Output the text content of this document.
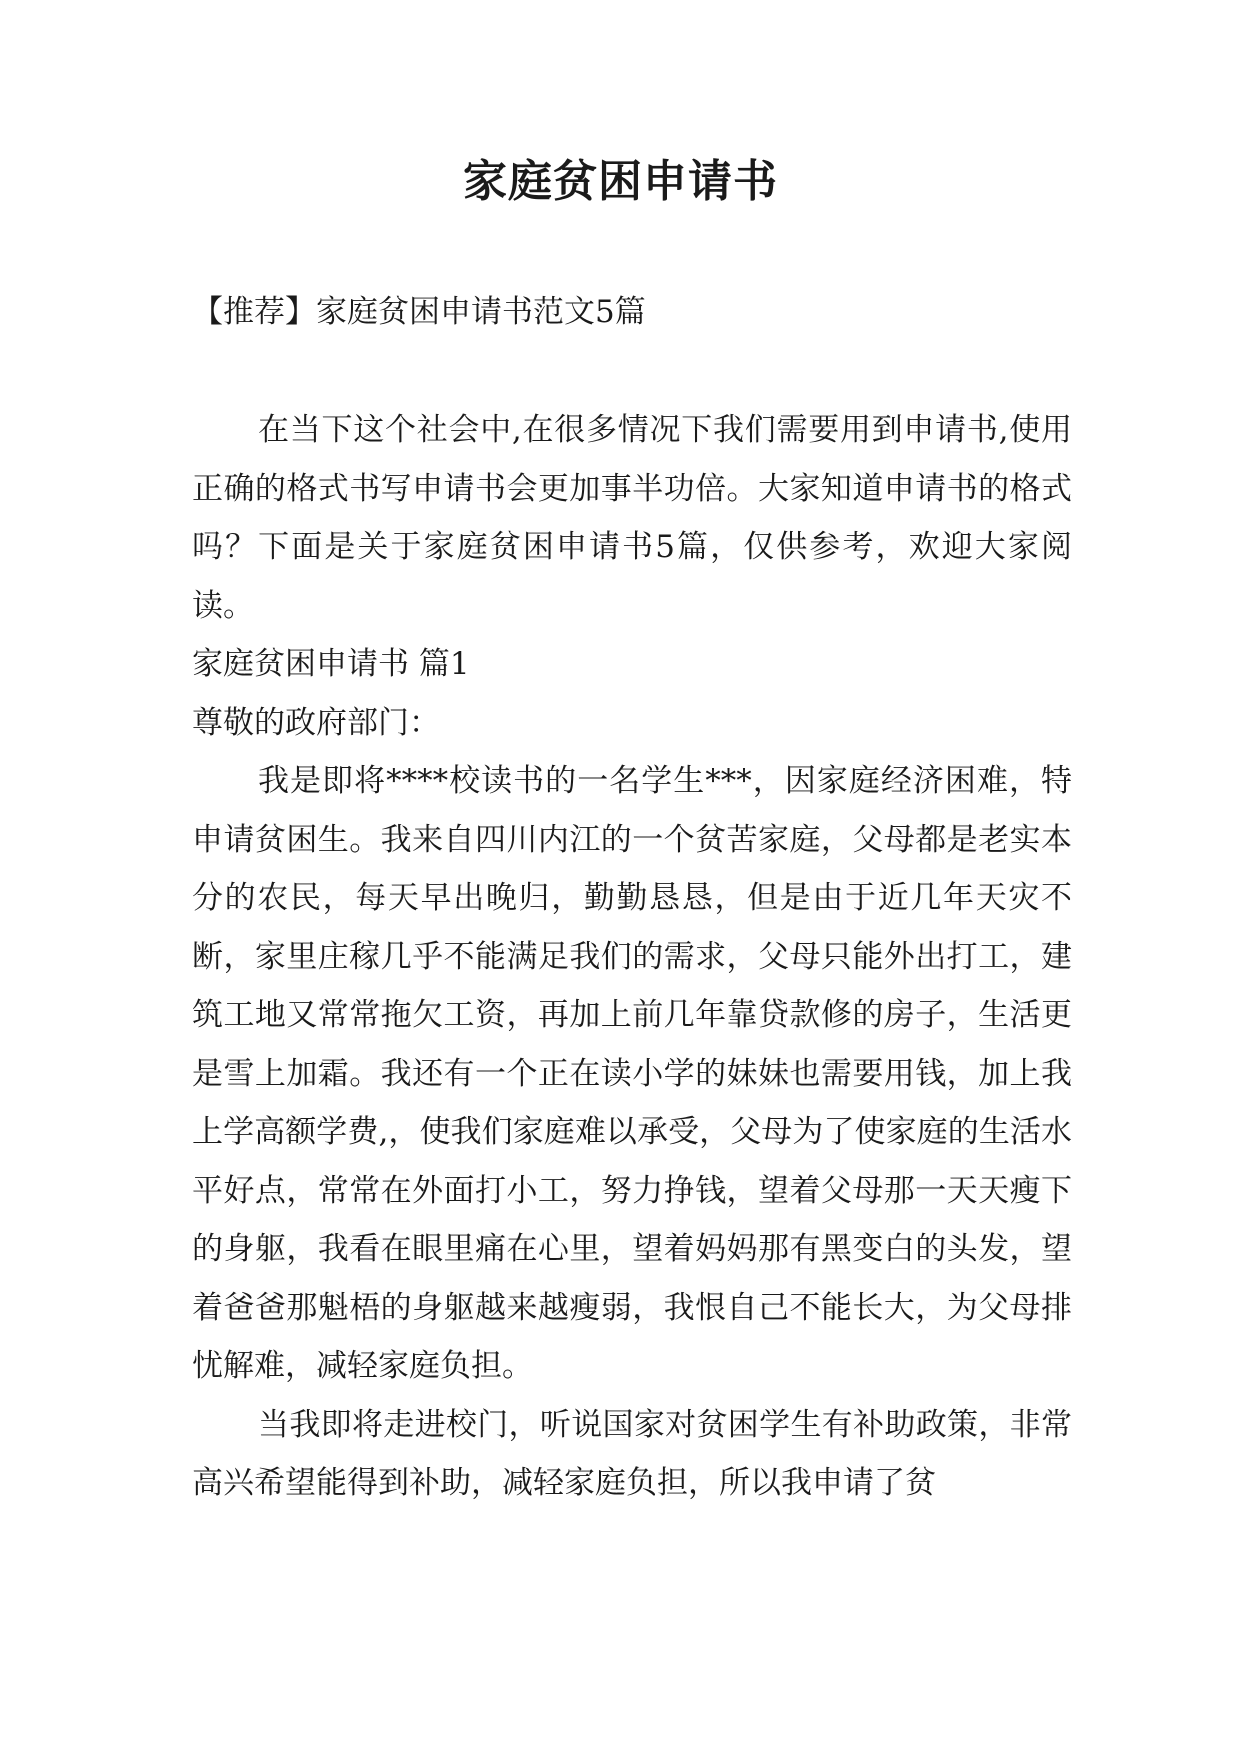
家庭贫困申请书

【推荐】家庭贫困申请书范文5篇

在当下这个社会中,在很多情况下我们需要用到申请书,使用正确的格式书写申请书会更加事半功倍。大家知道申请书的格式吗？下面是关于家庭贫困申请书5篇，仅供参考，欢迎大家阅读。

家庭贫困申请书 篇1

尊敬的政府部门：

我是即将****校读书的一名学生***，因家庭经济困难，特申请贫困生。我来自四川内江的一个贫苦家庭，父母都是老实本分的农民，每天早出晚归，勤勤恳恳，但是由于近几年天灾不断，家里庄稼几乎不能满足我们的需求，父母只能外出打工，建筑工地又常常拖欠工资，再加上前几年靠贷款修的房子，生活更是雪上加霜。我还有一个正在读小学的妹妹也需要用钱，加上我上学高额学费,，使我们家庭难以承受，父母为了使家庭的生活水平好点，常常在外面打小工，努力挣钱，望着父母那一天天瘦下的身躯，我看在眼里痛在心里，望着妈妈那有黑变白的头发，望着爸爸那魁梧的身躯越来越瘦弱，我恨自己不能长大，为父母排忧解难，减轻家庭负担。

当我即将走进校门，听说国家对贫困学生有补助政策，非常高兴希望能得到补助，减轻家庭负担，所以我申请了贫
